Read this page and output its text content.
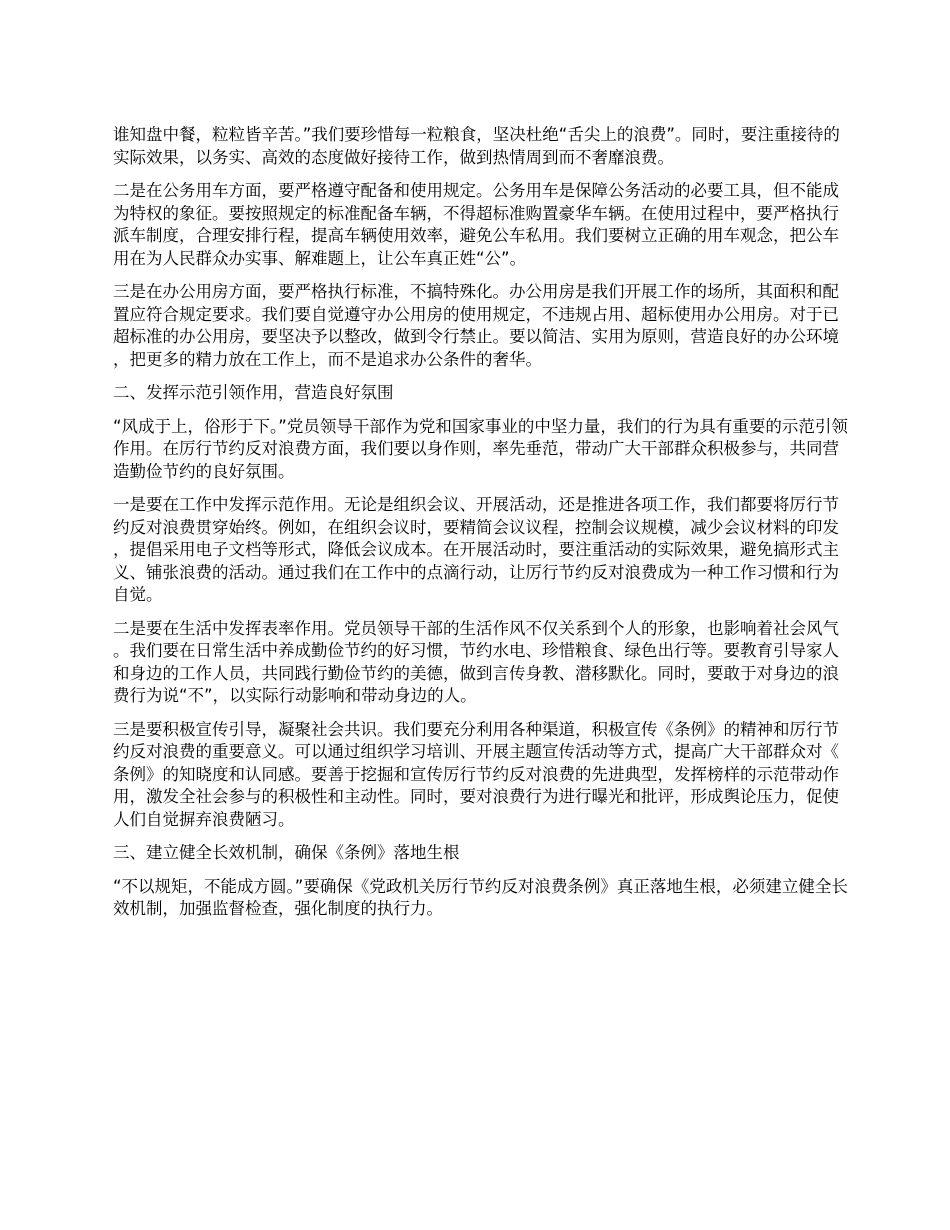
谁知盘中餐，粒粒皆辛苦。”我们要珍惜每一粒粮食，坚决杜绝“舌尖上的浪费”。同时，要注重接待的实际效果，以务实、高效的态度做好接待工作，做到热情周到而不奢靡浪费。

二是在公务用车方面，要严格遵守配备和使用规定。公务用车是保障公务活动的必要工具，但不能成为特权的象征。要按照规定的标准配备车辆，不得超标准购置豪华车辆。在使用过程中，要严格执行派车制度，合理安排行程，提高车辆使用效率，避免公车私用。我们要树立正确的用车观念，把公车用在为人民群众办实事、解难题上，让公车真正姓“公”。

三是在办公用房方面，要严格执行标准，不搞特殊化。办公用房是我们开展工作的场所，其面积和配置应符合规定要求。我们要自觉遵守办公用房的使用规定，不违规占用、超标使用办公用房。对于已超标准的办公用房，要坚决予以整改，做到令行禁止。要以简洁、实用为原则，营造良好的办公环境，把更多的精力放在工作上，而不是追求办公条件的奢华。

二、发挥示范引领作用，营造良好氛围

“风成于上，俗形于下。”党员领导干部作为党和国家事业的中坚力量，我们的行为具有重要的示范引领作用。在厉行节约反对浪费方面，我们要以身作则，率先垂范，带动广大干部群众积极参与，共同营造勤俭节约的良好氛围。

一是要在工作中发挥示范作用。无论是组织会议、开展活动，还是推进各项工作，我们都要将厉行节约反对浪费贯穿始终。例如，在组织会议时，要精简会议议程，控制会议规模，减少会议材料的印发，提倡采用电子文档等形式，降低会议成本。在开展活动时，要注重活动的实际效果，避免搞形式主义、铺张浪费的活动。通过我们在工作中的点滴行动，让厉行节约反对浪费成为一种工作习惯和行为自觉。

二是要在生活中发挥表率作用。党员领导干部的生活作风不仅关系到个人的形象，也影响着社会风气。我们要在日常生活中养成勤俭节约的好习惯，节约水电、珍惜粮食、绿色出行等。要教育引导家人和身边的工作人员，共同践行勤俭节约的美德，做到言传身教、潜移默化。同时，要敢于对身边的浪费行为说“不”，以实际行动影响和带动身边的人。

三是要积极宣传引导，凝聚社会共识。我们要充分利用各种渠道，积极宣传《条例》的精神和厉行节约反对浪费的重要意义。可以通过组织学习培训、开展主题宣传活动等方式，提高广大干部群众对《条例》的知晓度和认同感。要善于挖掘和宣传厉行节约反对浪费的先进典型，发挥榜样的示范带动作用，激发全社会参与的积极性和主动性。同时，要对浪费行为进行曝光和批评，形成舆论压力，促使人们自觉摒弃浪费陋习。

三、建立健全长效机制，确保《条例》落地生根

“不以规矩，不能成方圆。”要确保《党政机关厉行节约反对浪费条例》真正落地生根，必须建立健全长效机制，加强监督检查，强化制度的执行力。
